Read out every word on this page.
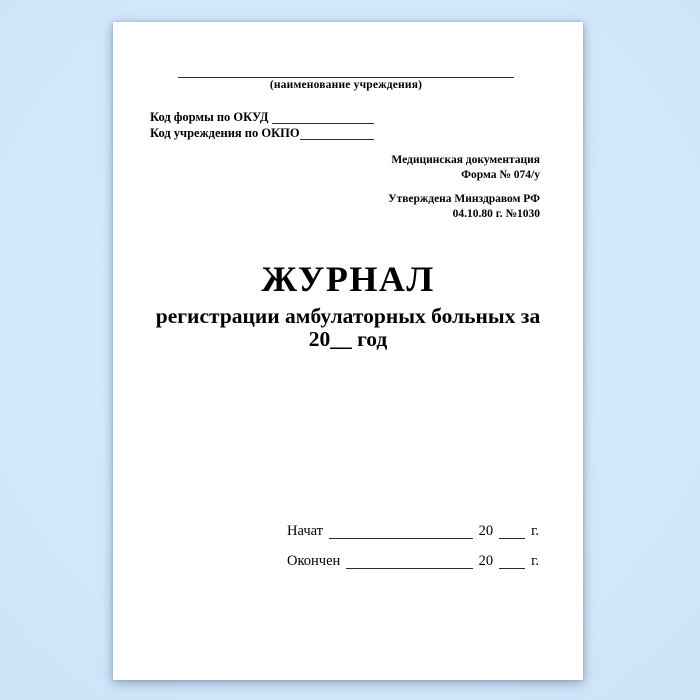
(наименование учреждения)
Код формы по ОКУД
Код учреждения по ОКПО
Медицинская документация
Форма № 074/у
Утверждена Минздравом РФ
04.10.80 г. №1030
ЖУРНАЛ

регистрации амбулаторных больных за
20__ год

Начат	20	г.
Окончен	20	г.
